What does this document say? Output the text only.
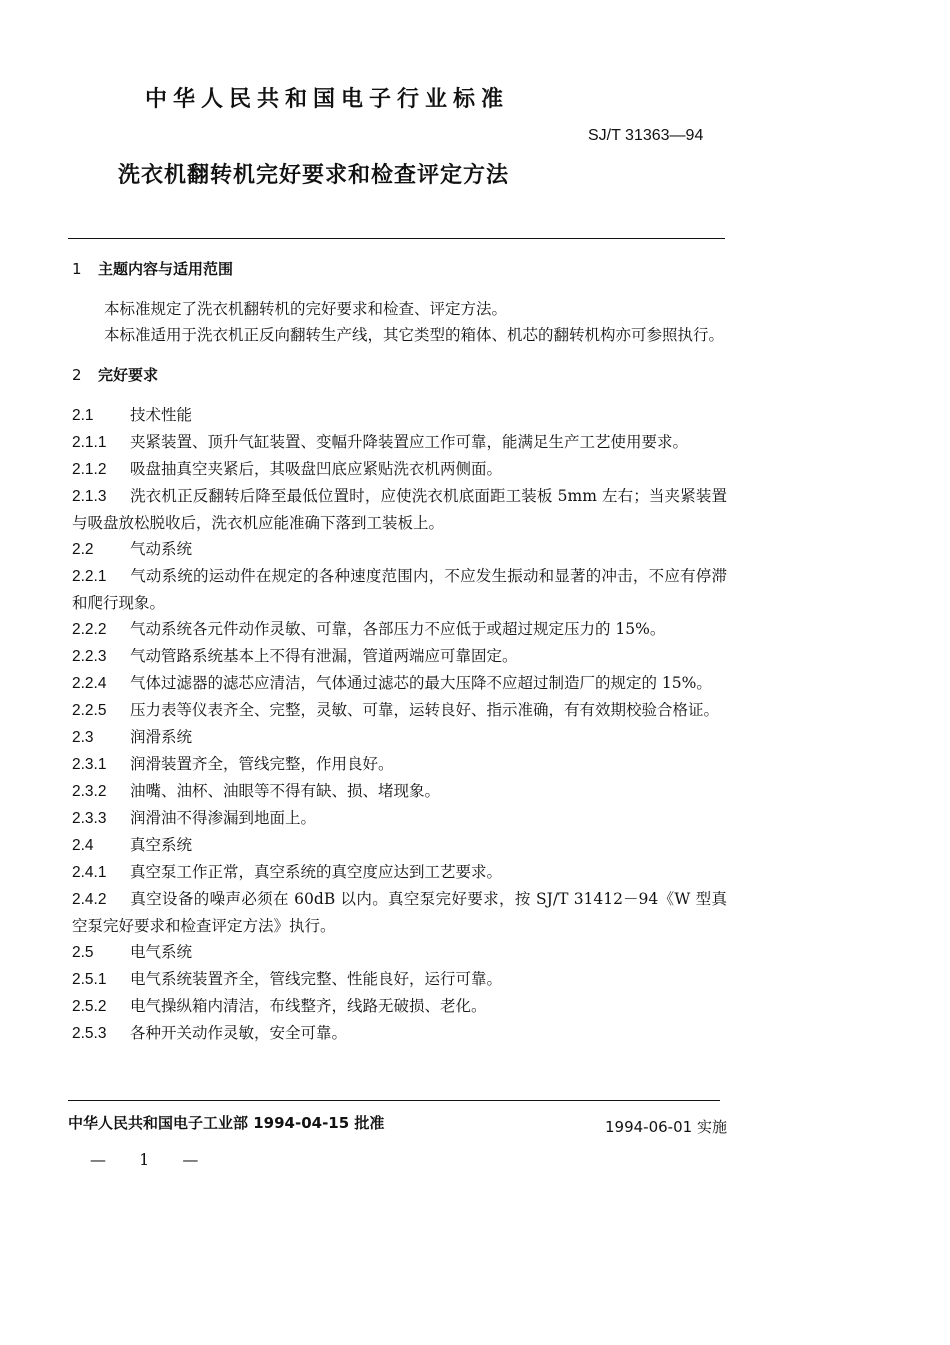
中华人民共和国电子行业标准
SJ/T 31363—94
洗衣机翻转机完好要求和检查评定方法
1 主题内容与适用范围
本标准规定了洗衣机翻转机的完好要求和检查、评定方法。
本标准适用于洗衣机正反向翻转生产线，其它类型的箱体、机芯的翻转机构亦可参照执行。
2 完好要求
2.1 技术性能
2.1.1 夹紧装置、顶升气缸装置、变幅升降装置应工作可靠，能满足生产工艺使用要求。
2.1.2 吸盘抽真空夹紧后，其吸盘凹底应紧贴洗衣机两侧面。
2.1.3 洗衣机正反翻转后降至最低位置时，应使洗衣机底面距工装板 5mm 左右；当夹紧装置与吸盘放松脱收后，洗衣机应能准确下落到工装板上。
2.2 气动系统
2.2.1 气动系统的运动件在规定的各种速度范围内，不应发生振动和显著的冲击，不应有停滞和爬行现象。
2.2.2 气动系统各元件动作灵敏、可靠，各部压力不应低于或超过规定压力的 15%。
2.2.3 气动管路系统基本上不得有泄漏，管道两端应可靠固定。
2.2.4 气体过滤器的滤芯应清洁，气体通过滤芯的最大压降不应超过制造厂的规定的 15%。
2.2.5 压力表等仪表齐全、完整，灵敏、可靠，运转良好、指示准确，有有效期校验合格证。
2.3 润滑系统
2.3.1 润滑装置齐全，管线完整，作用良好。
2.3.2 油嘴、油杯、油眼等不得有缺、损、堵现象。
2.3.3 润滑油不得渗漏到地面上。
2.4 真空系统
2.4.1 真空泵工作正常，真空系统的真空度应达到工艺要求。
2.4.2 真空设备的噪声必须在 60dB 以内。真空泵完好要求，按 SJ/T 31412－94《W 型真空泵完好要求和检查评定方法》执行。
2.5 电气系统
2.5.1 电气系统装置齐全，管线完整、性能良好，运行可靠。
2.5.2 电气操纵箱内清洁，布线整齐，线路无破损、老化。
2.5.3 各种开关动作灵敏，安全可靠。
中华人民共和国电子工业部 1994-04-15 批准	1994-06-01 实施
— 1 —
